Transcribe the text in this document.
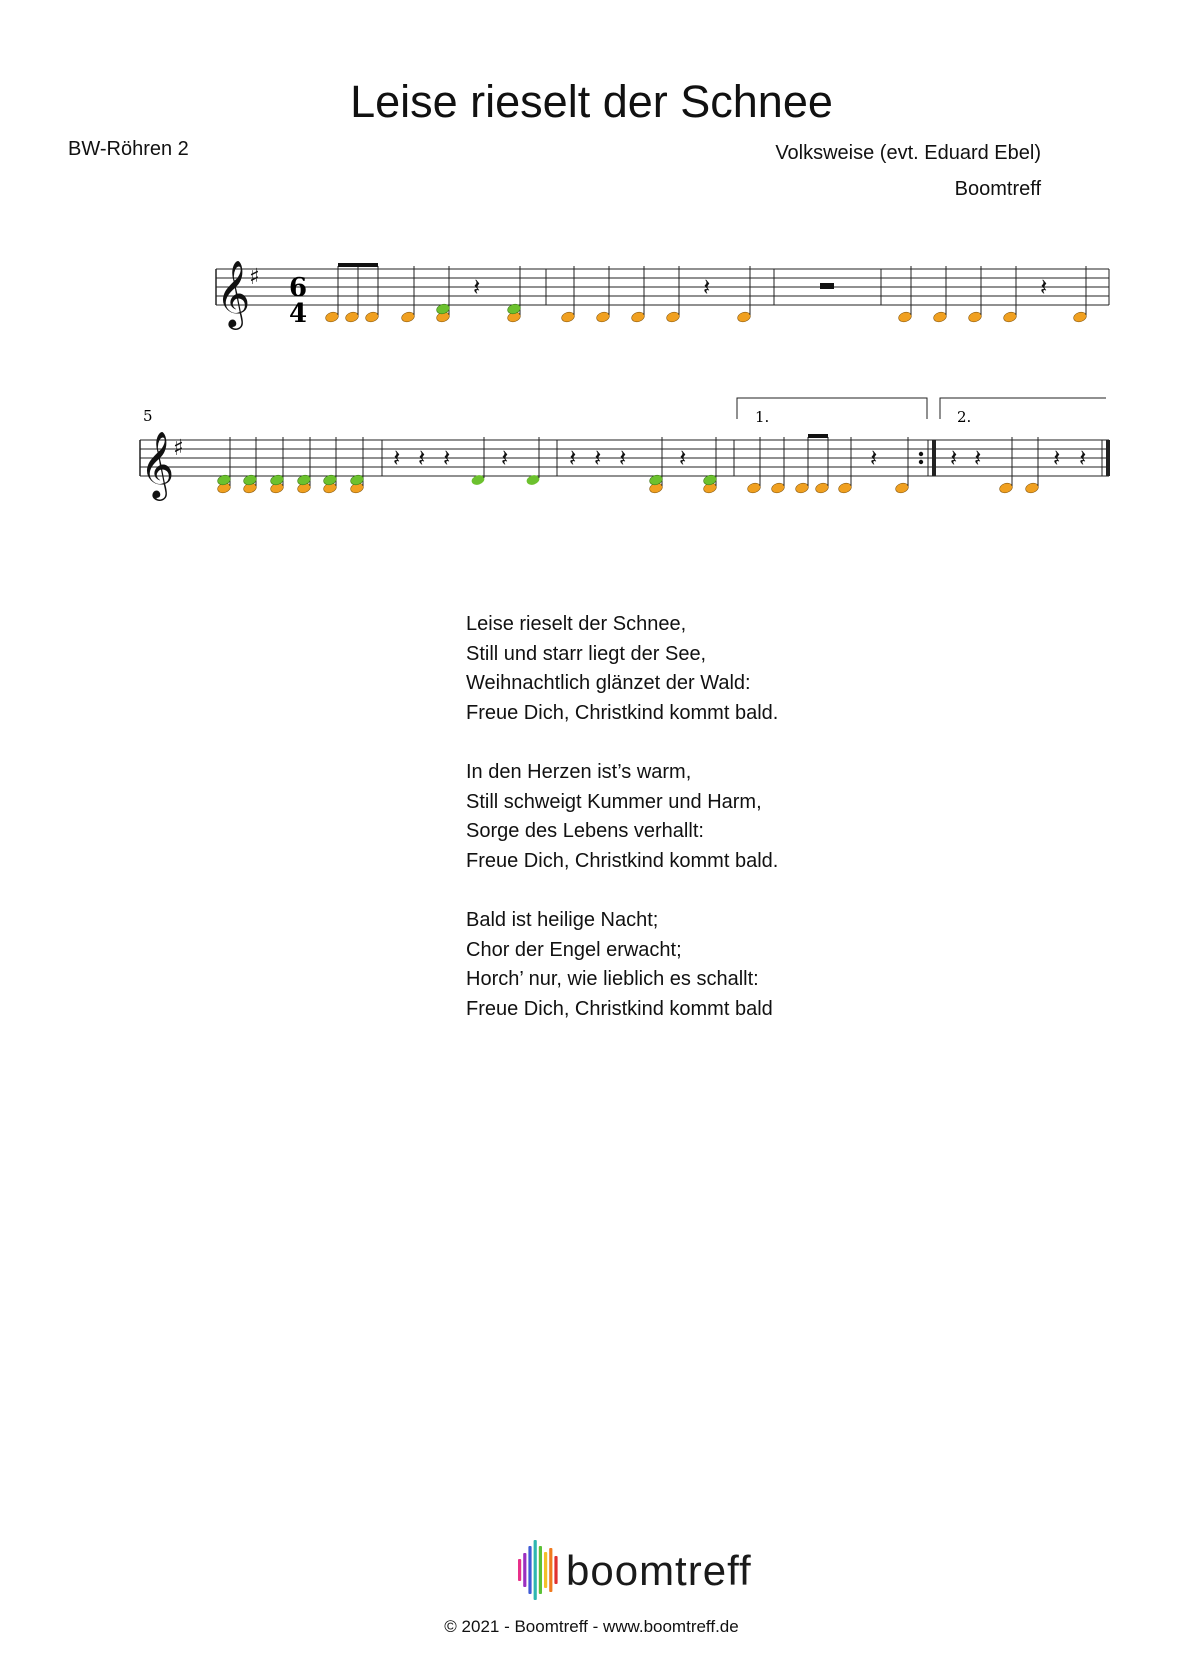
Leise rieselt der Schnee
BW-Röhren 2	Volksweise (evt. Eduard Ebel)
Boomtreff
𝄞
♯	𝄽	𝄽	𝄽
𝄞
♯	𝄽 𝄽 𝄽 𝄽	𝄽 𝄽 𝄽 𝄽	𝄽	𝄽 𝄽	𝄽 𝄽
5	1.	2.
6
4
Leise rieselt der Schnee,
Still und starr liegt der See,
Weihnachtlich glänzet der Wald:
Freue Dich, Christkind kommt bald.
In den Herzen ist’s warm,
Still schweigt Kummer und Harm,
Sorge des Lebens verhallt:
Freue Dich, Christkind kommt bald.
Bald ist heilige Nacht;
Chor der Engel erwacht;
Horch’ nur, wie lieblich es schallt:
Freue Dich, Christkind kommt bald
boomtreff
© 2021 - Boomtreff - www.boomtreff.de
